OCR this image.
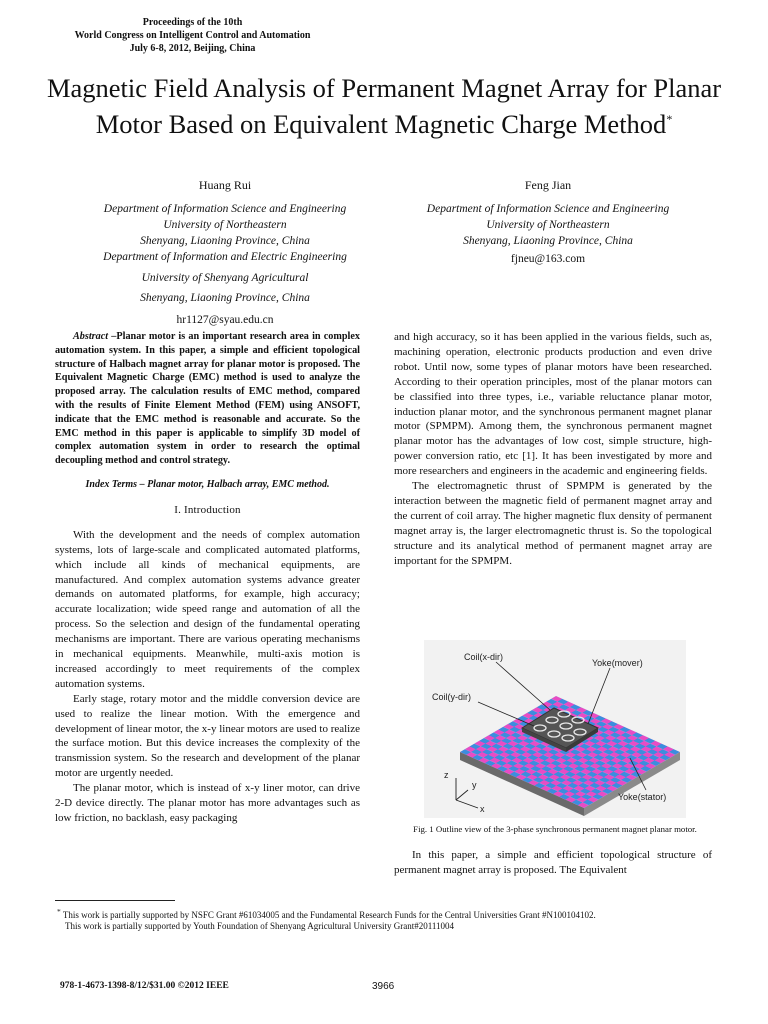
Proceedings of the 10th
World Congress on Intelligent Control and Automation
July 6-8, 2012, Beijing, China
Magnetic Field Analysis of Permanent Magnet Array for Planar Motor Based on Equivalent Magnetic Charge Method*
Huang Rui
Department of Information Science and Engineering
University of Northeastern
Shenyang, Liaoning Province, China
Department of Information and Electric Engineering
University of Shenyang Agricultural
Shenyang, Liaoning Province, China
hr1127@syau.edu.cn
Feng Jian
Department of Information Science and Engineering
University of Northeastern
Shenyang, Liaoning Province, China
fjneu@163.com

Abstract –Planar motor is an important research area in complex automation system. In this paper, a simple and efficient topological structure of Halbach magnet array for planar motor is proposed. The Equivalent Magnetic Charge (EMC) method is used to analyze the proposed array. The calculation results of EMC method, compared with the results of Finite Element Method (FEM) using ANSOFT, indicate that the EMC method is reasonable and accurate. So the EMC method in this paper is applicable to simplify 3D model of complex automation system in order to research the optimal decoupling method and control strategy.

Index Terms – Planar motor, Halbach array, EMC method.

I. Introduction

With the development and the needs of complex automation systems, lots of large-scale and complicated automated platforms, which include all kinds of mechanical equipments, are manufactured. And complex automation systems advance greater demands on automated platforms, for example, high accuracy; accurate localization; wide speed range and automation of all the process. So the selection and design of the fundamental operating mechanisms are important. There are various operating mechanisms in mechanical equipments. Meanwhile, multi-axis motion is increased accordingly to meet requirements of the complex automation systems.

Early stage, rotary motor and the middle conversion device are used to realize the linear motion. With the emergence and development of linear motor, the x-y linear motors are used to realize the surface motion. But this device increases the complexity of the transmission system. So the research and development of the planar motor are urgently needed.

The planar motor, which is instead of x-y liner motor, can drive 2-D device directly. The planar motor has more advantages such as low friction, no backlash, easy packaging

and high accuracy, so it has been applied in the various fields, such as, machining operation, electronic products production and even drive robot. Until now, some types of planar motors have been researched. According to their operation principles, most of the planar motors can be classified into three types, i.e., variable reluctance planar motor, induction planar motor, and the synchronous permanent magnet planar motor (SPMPM). Among them, the synchronous permanent magnet planar motor has the advantages of low cost, simple structure, high-power conversion ratio, etc [1]. It has been investigated by more and more researchers and engineers in the academic and engineering fields.

The electromagnetic thrust of SPMPM is generated by the interaction between the magnetic field of permanent magnet array and the current of coil array. The higher magnetic flux density of permanent magnet array is, the larger electromagnetic thrust is. So the topological structure and its analytical method of permanent magnet array are important for the SPMPM.

Coil(x-dir)
Yoke(mover)
Coil(y-dir)
Yoke(stator)
z
y
x
Fig. 1 Outline view of the 3-phase synchronous permanent magnet planar motor.

In this paper, a simple and efficient topological structure of permanent magnet array is proposed. The Equivalent

* This work is partially supported by NSFC Grant #61034005 and the Fundamental Research Funds for the Central Universities Grant #N100104102.
This work is partially supported by Youth Foundation of Shenyang Agricultural University Grant#20111004
978-1-4673-1398-8/12/$31.00 ©2012 IEEE	3966
